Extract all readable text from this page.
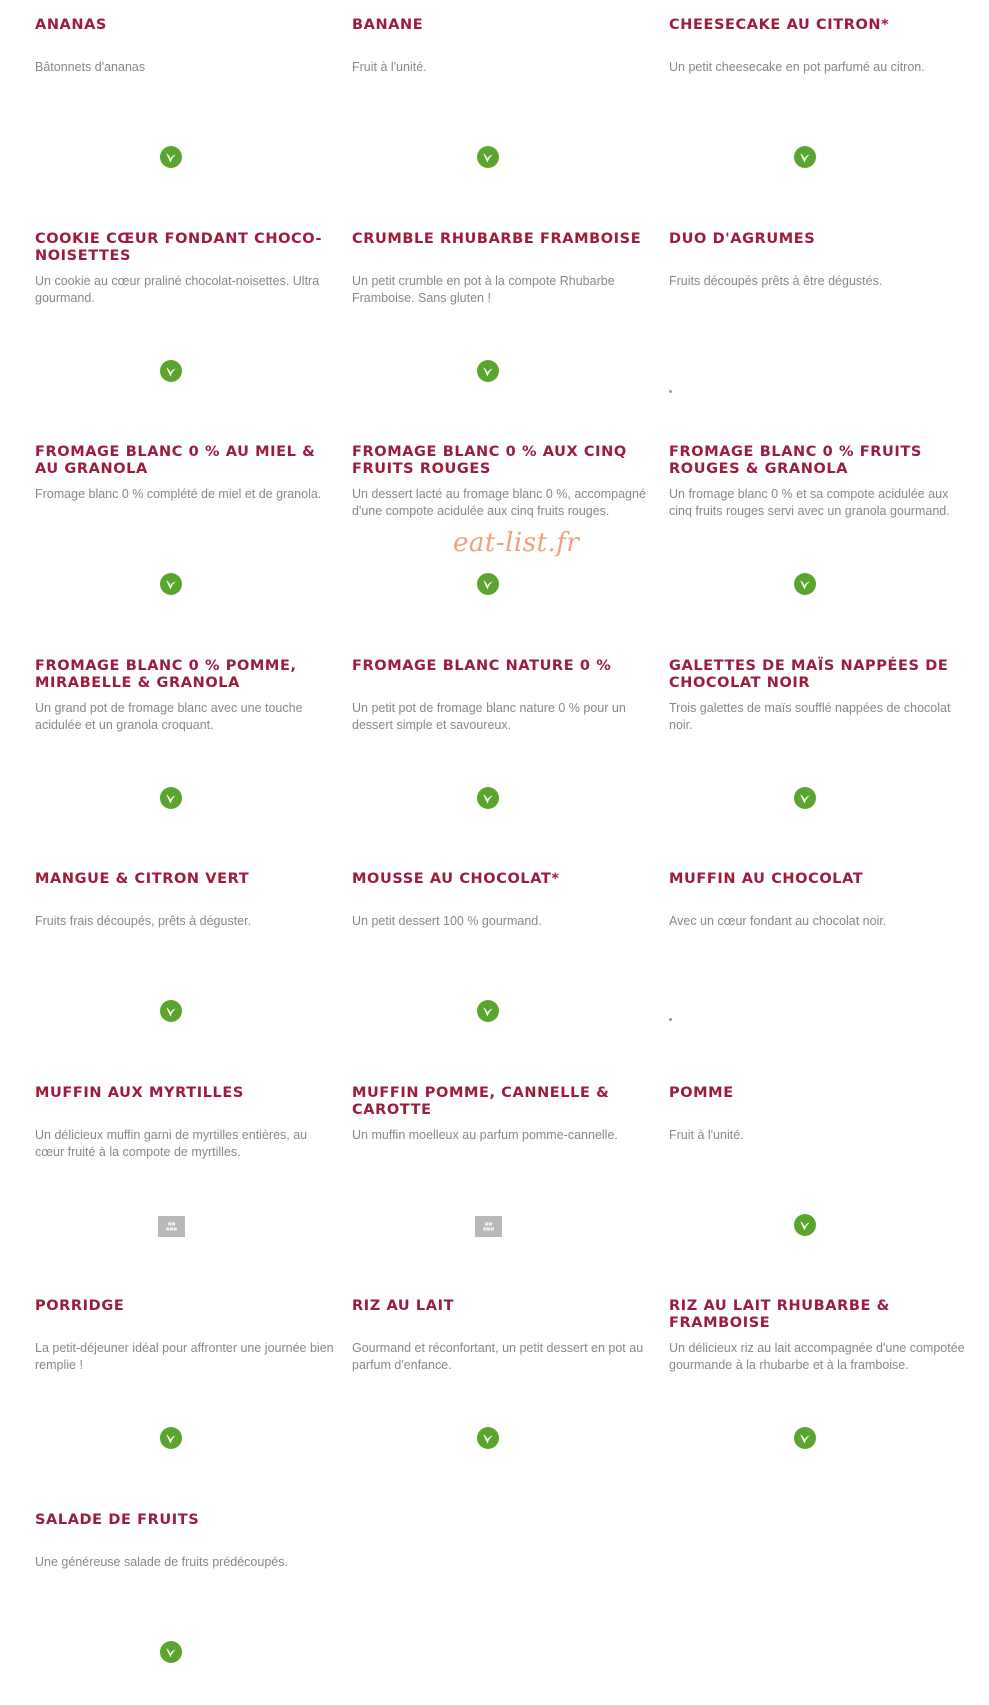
ANANAS

Bâtonnets d'ananas

BANANE

Fruit à l'unité.

CHEESECAKE AU CITRON*

Un petit cheesecake en pot parfumé au citron.

COOKIE CŒUR FONDANT CHOCO-NOISETTES

Un cookie au cœur praliné chocolat-noisettes. Ultra gourmand.

CRUMBLE RHUBARBE FRAMBOISE

Un petit crumble en pot à la compote Rhubarbe Framboise. Sans gluten !

DUO D'AGRUMES

Fruits découpés prêts à être dégustés.

FROMAGE BLANC 0 % AU MIEL & AU GRANOLA

Fromage blanc 0 % complété de miel et de granola.

FROMAGE BLANC 0 % AUX CINQ FRUITS ROUGES

Un dessert lacté au fromage blanc 0 %, accompagné d'une compote acidulée aux cinq fruits rouges.

FROMAGE BLANC 0 % FRUITS ROUGES & GRANOLA

Un fromage blanc 0 % et sa compote acidulée aux cinq fruits rouges servi avec un granola gourmand.

FROMAGE BLANC 0 % POMME, MIRABELLE & GRANOLA

Un grand pot de fromage blanc avec une touche acidulée et un granola croquant.

FROMAGE BLANC NATURE 0 %

Un petit pot de fromage blanc nature 0 % pour un dessert simple et savoureux.

GALETTES DE MAÏS NAPPÉES DE CHOCOLAT NOIR

Trois galettes de maïs soufflé nappées de chocolat noir.

MANGUE & CITRON VERT

Fruits frais découpés, prêts à déguster.

MOUSSE AU CHOCOLAT*

Un petit dessert 100 % gourmand.

MUFFIN AU CHOCOLAT

Avec un cœur fondant au chocolat noir.

MUFFIN AUX MYRTILLES

Un délicieux muffin garni de myrtilles entières, au cœur fruité à la compote de myrtilles.

■■
■■■
MUFFIN POMME, CANNELLE & CAROTTE

Un muffin moelleux au parfum pomme-cannelle.

■■
■■■
POMME

Fruit à l'unité.

PORRIDGE

La petit-déjeuner idéal pour affronter une journée bien remplie !

RIZ AU LAIT

Gourmand et réconfortant, un petit dessert en pot au parfum d'enfance.

RIZ AU LAIT RHUBARBE & FRAMBOISE

Un délicieux riz au lait accompagnée d'une compotée gourmande à la rhubarbe et à la framboise.

SALADE DE FRUITS

Une généreuse salade de fruits prédécoupés.

eat-list.fr
